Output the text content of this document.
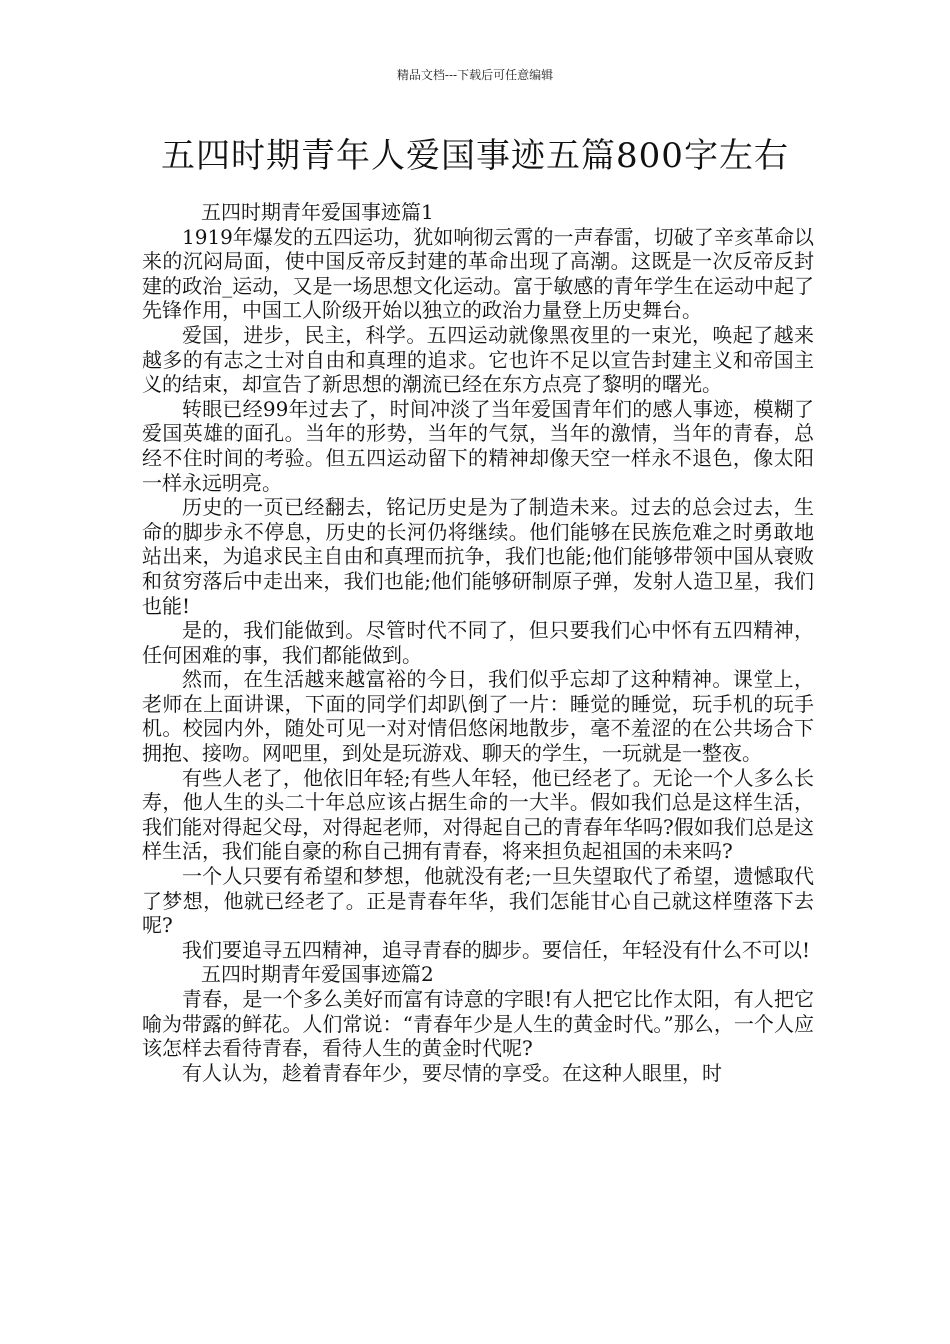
精品文档---下载后可任意编辑
五四时期青年人爱国事迹五篇800字左右

五四时期青年爱国事迹篇1

1919年爆发的五四运功，犹如响彻云霄的一声春雷，切破了辛亥革命以来的沉闷局面，使中国反帝反封建的革命出现了高潮。这既是一次反帝反封建的政治_运动，又是一场思想文化运动。富于敏感的青年学生在运动中起了先锋作用，中国工人阶级开始以独立的政治力量登上历史舞台。

爱国，进步，民主，科学。五四运动就像黑夜里的一束光，唤起了越来越多的有志之士对自由和真理的追求。它也许不足以宣告封建主义和帝国主义的结束，却宣告了新思想的潮流已经在东方点亮了黎明的曙光。

转眼已经99年过去了，时间冲淡了当年爱国青年们的感人事迹，模糊了爱国英雄的面孔。当年的形势，当年的气氛，当年的激情，当年的青春，总经不住时间的考验。但五四运动留下的精神却像天空一样永不退色，像太阳一样永远明亮。

历史的一页已经翻去，铭记历史是为了制造未来。过去的总会过去，生命的脚步永不停息，历史的长河仍将继续。他们能够在民族危难之时勇敢地站出来，为追求民主自由和真理而抗争，我们也能;他们能够带领中国从衰败和贫穷落后中走出来，我们也能;他们能够研制原子弹，发射人造卫星，我们也能!

是的，我们能做到。尽管时代不同了，但只要我们心中怀有五四精神，任何困难的事，我们都能做到。

然而，在生活越来越富裕的今日，我们似乎忘却了这种精神。课堂上，老师在上面讲课，下面的同学们却趴倒了一片：睡觉的睡觉，玩手机的玩手机。校园内外，随处可见一对对情侣悠闲地散步，毫不羞涩的在公共场合下拥抱、接吻。网吧里，到处是玩游戏、聊天的学生，一玩就是一整夜。

有些人老了，他依旧年轻;有些人年轻，他已经老了。无论一个人多么长寿，他人生的头二十年总应该占据生命的一大半。假如我们总是这样生活，我们能对得起父母，对得起老师，对得起自己的青春年华吗?假如我们总是这样生活，我们能自豪的称自己拥有青春，将来担负起祖国的未来吗?

一个人只要有希望和梦想，他就没有老;一旦失望取代了希望，遗憾取代了梦想，他就已经老了。正是青春年华，我们怎能甘心自己就这样堕落下去呢?

我们要追寻五四精神，追寻青春的脚步。要信任，年轻没有什么不可以!

五四时期青年爱国事迹篇2

青春，是一个多么美好而富有诗意的字眼!有人把它比作太阳，有人把它喻为带露的鲜花。人们常说：“青春年少是人生的黄金时代。”那么，一个人应该怎样去看待青春，看待人生的黄金时代呢?

有人认为，趁着青春年少，要尽情的享受。在这种人眼里，时
